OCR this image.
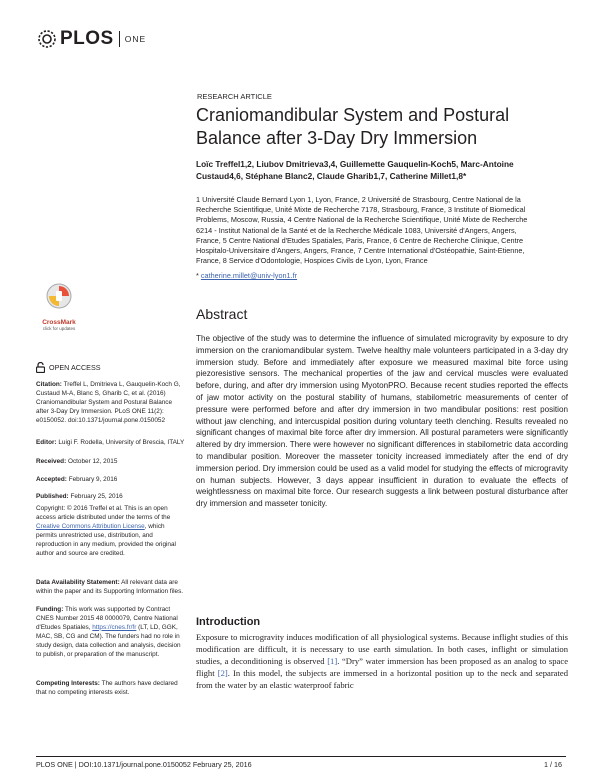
PLOS ONE
RESEARCH ARTICLE
Craniomandibular System and Postural Balance after 3-Day Dry Immersion
Loïc Treffel1,2, Liubov Dmitrieva3,4, Guillemette Gauquelin-Koch5, Marc-Antoine Custaud4,6, Stéphane Blanc2, Claude Gharib1,7, Catherine Millet1,8*
1 Université Claude Bernard Lyon 1, Lyon, France, 2 Université de Strasbourg, Centre National de la Recherche Scientifique, Unité Mixte de Recherche 7178, Strasbourg, France, 3 Institute of Biomedical Problems, Moscow, Russia, 4 Centre National de la Recherche Scientifique, Unité Mixte de Recherche 6214 - Institut National de la Santé et de la Recherche Médicale 1083, Université d'Angers, Angers, France, 5 Centre National d'Etudes Spatiales, Paris, France, 6 Centre de Recherche Clinique, Centre Hospitalo-Universitaire d'Angers, Angers, France, 7 Centre International d'Ostéopathie, Saint-Etienne, France, 8 Service d'Odontologie, Hospices Civils de Lyon, Lyon, France
* catherine.millet@univ-lyon1.fr
CrossMark
click for updates
OPEN ACCESS
Citation: Treffel L, Dmitrieva L, Gauquelin-Koch G, Custaud M-A, Blanc S, Gharib C, et al. (2016) Craniomandibular System and Postural Balance after 3-Day Dry Immersion. PLoS ONE 11(2): e0150052. doi:10.1371/journal.pone.0150052
Editor: Luigi F. Rodella, University of Brescia, ITALY
Received: October 12, 2015
Accepted: February 9, 2016
Published: February 25, 2016
Copyright: © 2016 Treffel et al. This is an open access article distributed under the terms of the Creative Commons Attribution License, which permits unrestricted use, distribution, and reproduction in any medium, provided the original author and source are credited.
Data Availability Statement: All relevant data are within the paper and its Supporting Information files.
Funding: This work was supported by Contract CNES Number 2015 48 0000079, Centre National d'Etudes Spatiales, https://cnes.fr/fr (LT, LD, GGK, MAC, SB, CG and CM). The funders had no role in study design, data collection and analysis, decision to publish, or preparation of the manuscript.
Competing Interests: The authors have declared that no competing interests exist.
Abstract
The objective of the study was to determine the influence of simulated microgravity by exposure to dry immersion on the craniomandibular system. Twelve healthy male volunteers participated in a 3-day dry immersion study. Before and immediately after exposure we measured maximal bite force using piezoresistive sensors. The mechanical properties of the jaw and cervical muscles were evaluated before, during, and after dry immersion using MyotonPRO. Because recent studies reported the effects of jaw motor activity on the postural stability of humans, stabilometric measurements of center of pressure were performed before and after dry immersion in two mandibular positions: rest position without jaw clenching, and intercuspidal position during voluntary teeth clenching. Results revealed no significant changes of maximal bite force after dry immersion. All postural parameters were significantly altered by dry immersion. There were however no significant differences in stabilometric data according to mandibular position. Moreover the masseter tonicity increased immediately after the end of dry immersion period. Dry immersion could be used as a valid model for studying the effects of microgravity on human subjects. However, 3 days appear insufficient in duration to evaluate the effects of weightlessness on maximal bite force. Our research suggests a link between postural disturbance after dry immersion and masseter tonicity.
Introduction
Exposure to microgravity induces modification of all physiological systems. Because inflight studies of this modification are difficult, it is necessary to use earth simulation. In both cases, inflight or simulation studies, a deconditioning is observed [1]. “Dry” water immersion has been proposed as an analog to space flight [2]. In this model, the subjects are immersed in a horizontal position up to the neck and separated from the water by an elastic waterproof fabric
PLOS ONE | DOI:10.1371/journal.pone.0150052 February 25, 2016	1 / 16
